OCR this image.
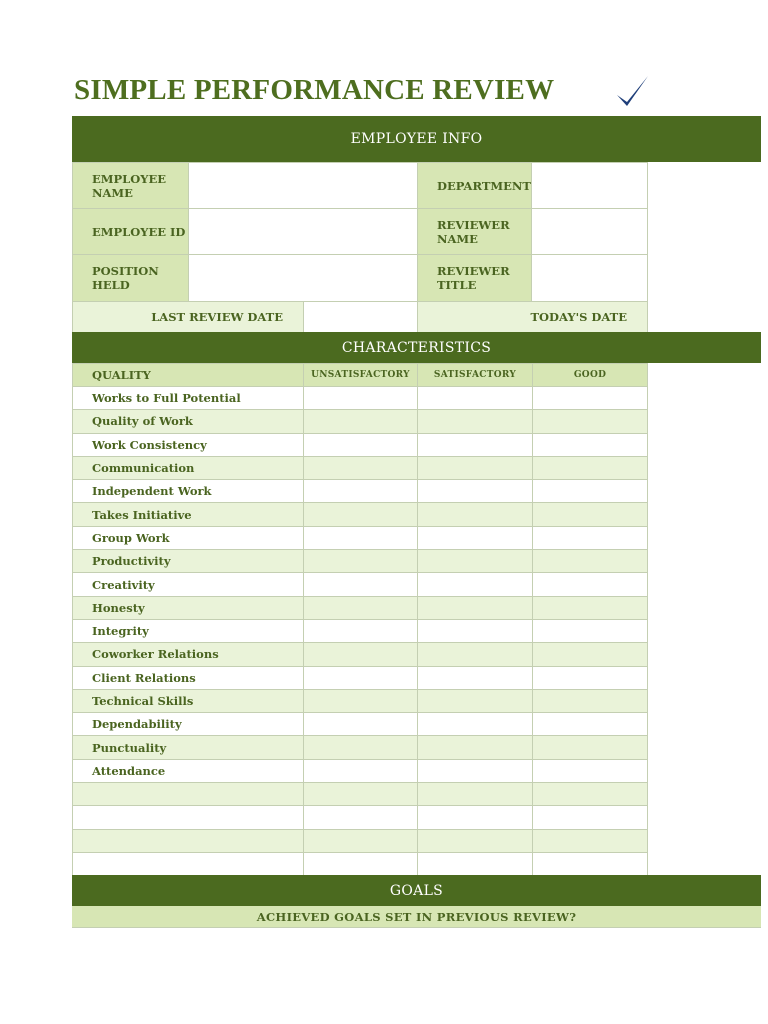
SIMPLE PERFORMANCE REVIEW
EMPLOYEE INFO
EMPLOYEE NAME		DEPARTMENT	
EMPLOYEE ID		REVIEWER NAME	
POSITION HELD		REVIEWER TITLE	
LAST REVIEW DATE		TODAY'S DATE
CHARACTERISTICS
QUALITY	UNSATISFACTORY	SATISFACTORY	GOOD
Works to Full Potential			
Quality of Work			
Work Consistency			
Communication			
Independent Work			
Takes Initiative			
Group Work			
Productivity			
Creativity			
Honesty			
Integrity			
Coworker Relations			
Client Relations			
Technical Skills			
Dependability			
Punctuality			
Attendance			

GOALS
ACHIEVED GOALS SET IN PREVIOUS REVIEW?
